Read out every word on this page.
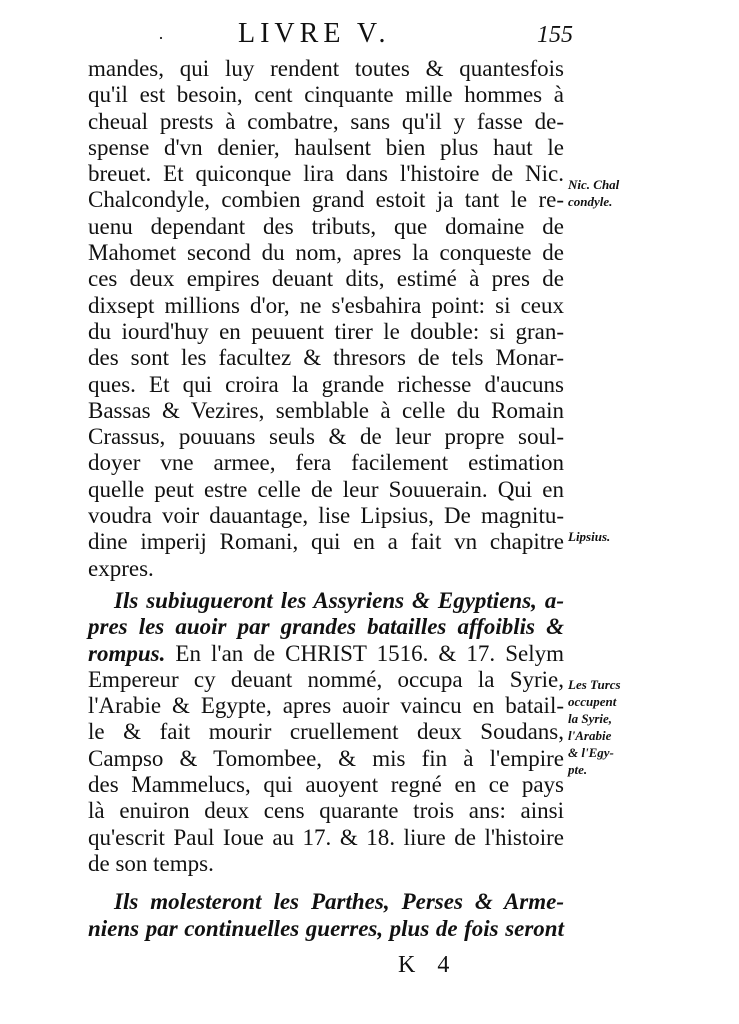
·	LIVRE V.	155
mandes, qui luy rendent toutes & quantesfois
qu'il est besoin, cent cinquante mille hommes à
cheual prests à combatre, sans qu'il y fasse de-
spense d'vn denier, haulsent bien plus haut le
breuet. Et quiconque lira dans l'histoire de Nic.
Chalcondyle, combien grand estoit ja tant le re-
uenu dependant des tributs, que domaine de
Mahomet second du nom, apres la conqueste de
ces deux empires deuant dits, estimé à pres de
dixsept millions d'or, ne s'esbahira point: si ceux
du iourd'huy en peuuent tirer le double: si gran-
des sont les facultez & thresors de tels Monar-
ques. Et qui croira la grande richesse d'aucuns
Bassas & Vezires, semblable à celle du Romain
Crassus, pouuans seuls & de leur propre soul-
doyer vne armee, fera facilement estimation
quelle peut estre celle de leur Souuerain. Qui en
voudra voir dauantage, lise Lipsius, De magnitu-
dine imperij Romani, qui en a fait vn chapitre
expres.
Ils subiugueront les Assyriens & Egyptiens, a-
pres les auoir par grandes batailles affoiblis &
rompus. En l'an de CHRIST 1516. & 17. Selym
Empereur cy deuant nommé, occupa la Syrie,
l'Arabie & Egypte, apres auoir vaincu en batail-
le & fait mourir cruellement deux Soudans,
Campso & Tomombee, & mis fin à l'empire
des Mammelucs, qui auoyent regné en ce pays
là enuiron deux cens quarante trois ans: ainsi
qu'escrit Paul Ioue au 17. & 18. liure de l'histoire
de son temps.
Ils molesteront les Parthes, Perses & Arme-
niens par continuelles guerres, plus de fois seront
Nic. Chal
condyle.
Lipsius.
Les Turcs
occupent
la Syrie,
l'Arabie
& l'Egy-
pte.
K 4
